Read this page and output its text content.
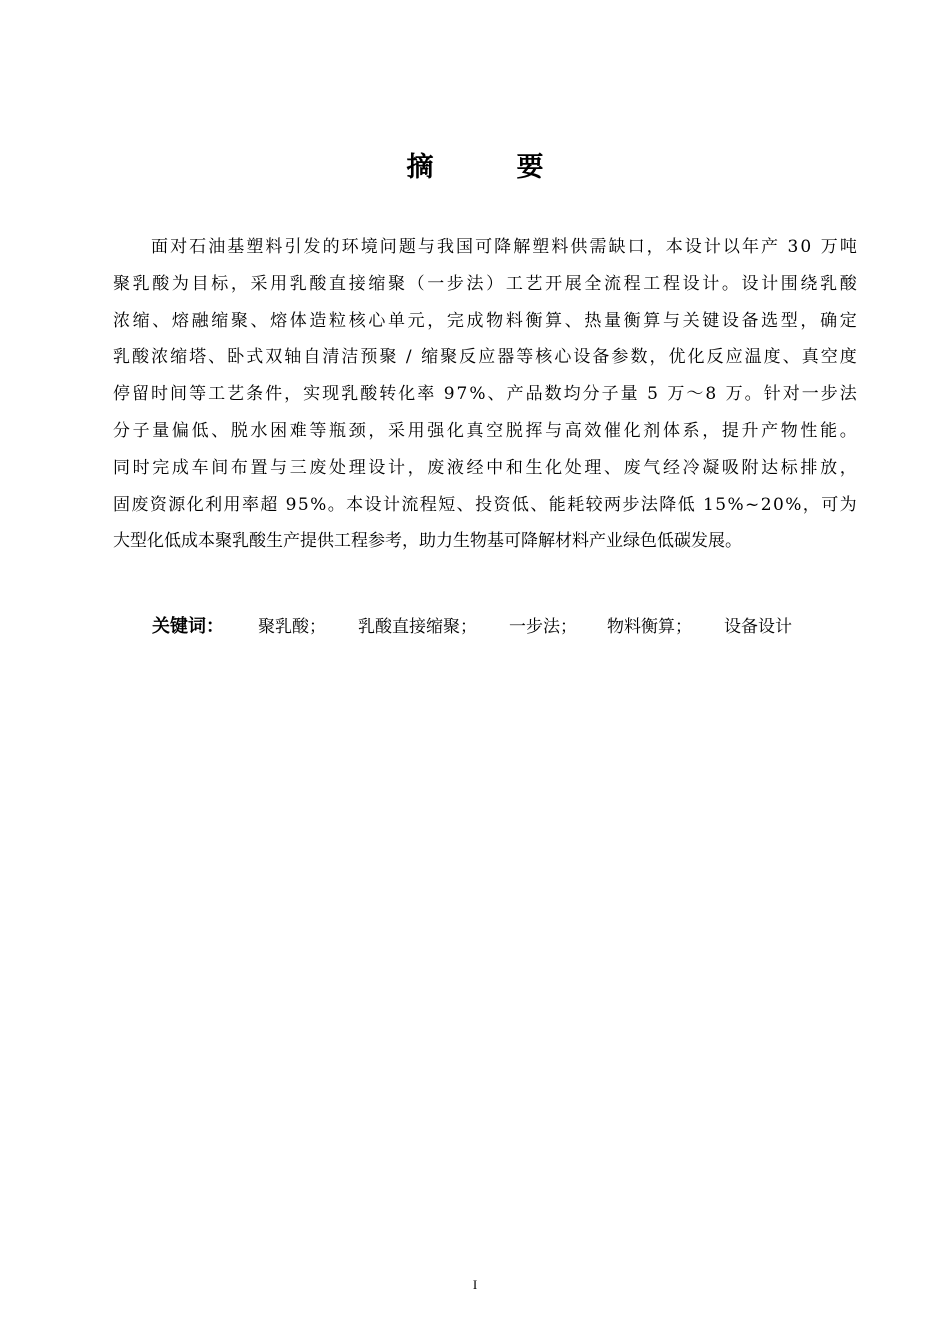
摘　要
面 对 石 油 基 塑 料 引 发 的 环 境 问 题 与 我 国 可 降 解 塑 料 供 需 缺 口 ， 本 设 计 以 年 产
3 0
万 吨
聚 乳 酸 为 目 标 ， 采 用 乳 酸 直 接 缩 聚 （ 一 步 法 ） 工 艺 开 展 全 流 程 工 程 设 计 。 设 计 围 绕 乳 酸
浓 缩 、 熔 融 缩 聚 、 熔 体 造 粒 核 心 单 元 ， 完 成 物 料 衡 算 、 热 量 衡 算 与 关 键 设 备 选 型 ， 确 定
乳 酸 浓 缩 塔 、 卧 式 双 轴 自 清 洁 预 聚
/
缩 聚 反 应 器 等 核 心 设 备 参 数 ， 优 化 反 应 温 度 、 真 空 度
停 留 时 间 等 工 艺 条 件 ， 实 现 乳 酸 转 化 率
9 7 % 、 产 品 数 均 分 子 量
5
万 ～ 8
万 。 针 对 一 步 法
分 子 量 偏 低 、 脱 水 困 难 等 瓶 颈 ， 采 用 强 化 真 空 脱 挥 与 高 效 催 化 剂 体 系 ， 提 升 产 物 性 能 。
同 时 完 成 车 间 布 置 与 三 废 处 理 设 计 ， 废 液 经 中 和 生 化 处 理 、 废 气 经 冷 凝 吸 附 达 标 排 放 ，
固 废 资 源 化 利 用 率 超
9 5 % 。 本 设 计 流 程 短 、 投 资 低 、 能 耗 较 两 步 法 降 低
1 5 % ~ 2 0 % ， 可 为
大型化低成本聚乳酸生产提供工程参考，助力生物基可降解材料产业绿色低碳发展。
关键词： 聚乳酸； 乳酸直接缩聚； 一步法； 物料衡算； 设备设计
I
